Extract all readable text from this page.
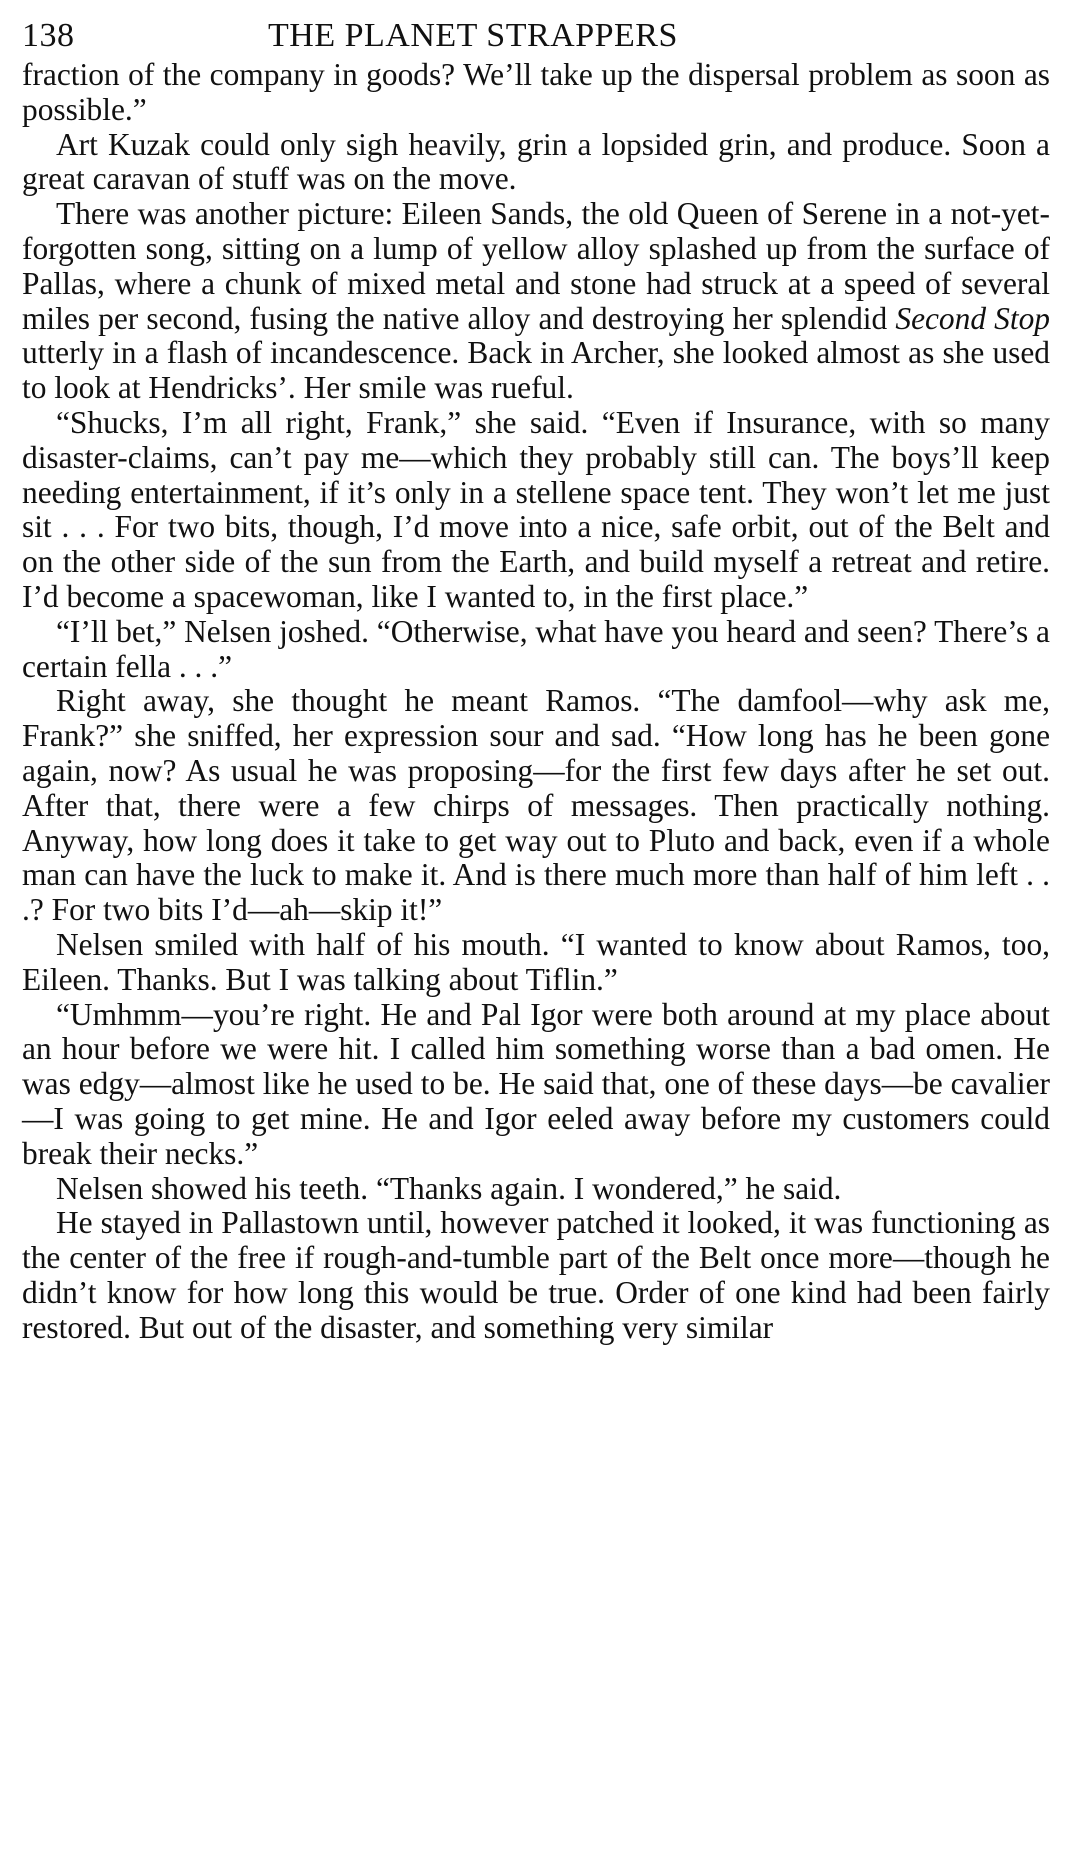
138	THE PLANET STRAPPERS

fraction of the company in goods? We’ll take up the dispersal problem as soon as possible.”

Art Kuzak could only sigh heavily, grin a lopsided grin, and produce. Soon a great caravan of stuff was on the move.

There was another picture: Eileen Sands, the old Queen of Serene in a not-yet-forgotten song, sitting on a lump of yellow alloy splashed up from the surface of Pallas, where a chunk of mixed metal and stone had struck at a speed of several miles per second, fusing the native alloy and destroying her splendid Second Stop utterly in a flash of incandescence. Back in Archer, she looked almost as she used to look at Hendricks’. Her smile was rueful.

“Shucks, I’m all right, Frank,” she said. “Even if Insurance, with so many disaster-claims, can’t pay me—which they probably still can. The boys’ll keep needing entertainment, if it’s only in a stellene space tent. They won’t let me just sit . . . For two bits, though, I’d move into a nice, safe orbit, out of the Belt and on the other side of the sun from the Earth, and build myself a retreat and retire. I’d become a spacewoman, like I wanted to, in the first place.”

“I’ll bet,” Nelsen joshed. “Otherwise, what have you heard and seen? There’s a certain fella . . .”

Right away, she thought he meant Ramos. “The damfool—why ask me, Frank?” she sniffed, her expression sour and sad. “How long has he been gone again, now? As usual he was proposing—for the first few days after he set out. After that, there were a few chirps of messages. Then practically nothing. Anyway, how long does it take to get way out to Pluto and back, even if a whole man can have the luck to make it. And is there much more than half of him left . . .? For two bits I’d—ah—skip it!”

Nelsen smiled with half of his mouth. “I wanted to know about Ramos, too, Eileen. Thanks. But I was talking about Tiflin.”

“Umhmm—you’re right. He and Pal Igor were both around at my place about an hour before we were hit. I called him something worse than a bad omen. He was edgy—almost like he used to be. He said that, one of these days—be cavalier—I was going to get mine. He and Igor eeled away before my customers could break their necks.”

Nelsen showed his teeth. “Thanks again. I wondered,” he said.

He stayed in Pallastown until, however patched it looked, it was functioning as the center of the free if rough-and-tumble part of the Belt once more—though he didn’t know for how long this would be true. Order of one kind had been fairly restored. But out of the disaster, and something very similar
